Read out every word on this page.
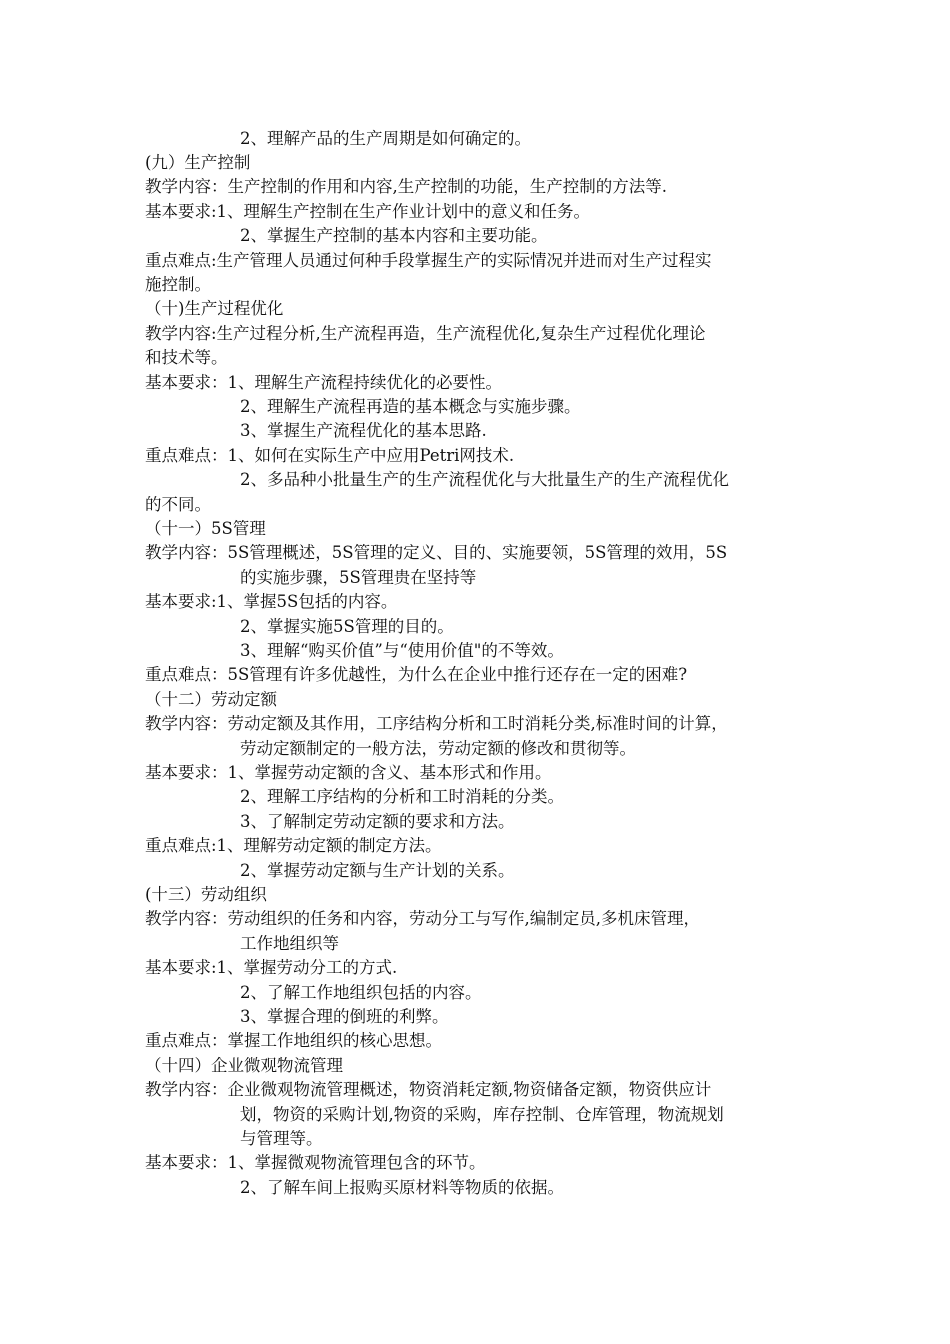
2、理解产品的生产周期是如何确定的。
(九）生产控制
教学内容：生产控制的作用和内容,生产控制的功能，生产控制的方法等.
基本要求:1、理解生产控制在生产作业计划中的意义和任务。
2、掌握生产控制的基本内容和主要功能。
重点难点:生产管理人员通过何种手段掌握生产的实际情况并进而对生产过程实
施控制。
（十)生产过程优化
教学内容:生产过程分析,生产流程再造，生产流程优化,复杂生产过程优化理论
和技术等。
基本要求：1、理解生产流程持续优化的必要性。
2、理解生产流程再造的基本概念与实施步骤。
3、掌握生产流程优化的基本思路.
重点难点：1、如何在实际生产中应用Petri网技术.
2、多品种小批量生产的生产流程优化与大批量生产的生产流程优化
的不同。
（十一）5S管理
教学内容：5S管理概述，5S管理的定义、目的、实施要领，5S管理的效用，5S
的实施步骤，5S管理贵在坚持等
基本要求:1、掌握5S包括的内容。
2、掌握实施5S管理的目的。
3、理解“购买价值”与“使用价值"的不等效。
重点难点：5S管理有许多优越性，为什么在企业中推行还存在一定的困难?
（十二）劳动定额
教学内容：劳动定额及其作用，工序结构分析和工时消耗分类,标准时间的计算，
劳动定额制定的一般方法，劳动定额的修改和贯彻等。
基本要求：1、掌握劳动定额的含义、基本形式和作用。
2、理解工序结构的分析和工时消耗的分类。
3、了解制定劳动定额的要求和方法。
重点难点:1、理解劳动定额的制定方法。
2、掌握劳动定额与生产计划的关系。
(十三）劳动组织
教学内容：劳动组织的任务和内容，劳动分工与写作,编制定员,多机床管理，
工作地组织等
基本要求:1、掌握劳动分工的方式.
2、了解工作地组织包括的内容。
3、掌握合理的倒班的利弊。
重点难点：掌握工作地组织的核心思想。
（十四）企业微观物流管理
教学内容：企业微观物流管理概述，物资消耗定额,物资储备定额，物资供应计
划，物资的采购计划,物资的采购，库存控制、仓库管理，物流规划
与管理等。
基本要求：1、掌握微观物流管理包含的环节。
2、了解车间上报购买原材料等物质的依据。
